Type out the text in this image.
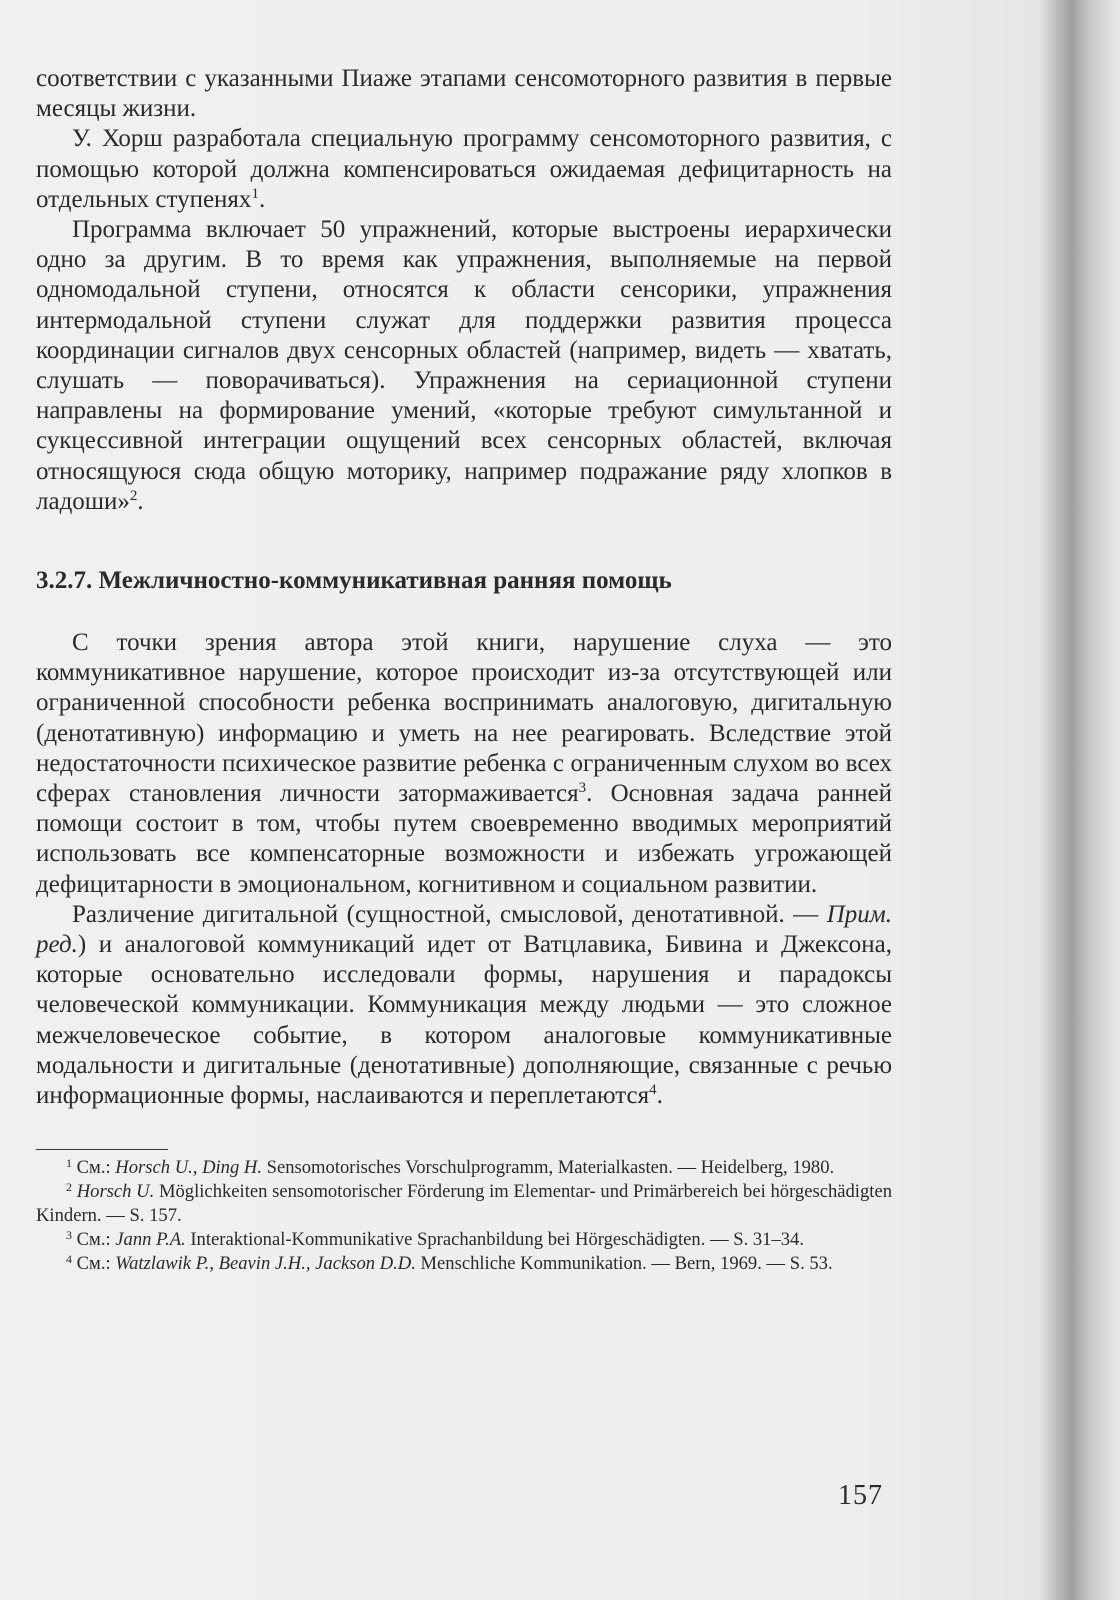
соответствии с указанными Пиаже этапами сенсомоторного развития в первые месяцы жизни.

У. Хорш разработала специальную программу сенсомоторного развития, с помощью которой должна компенсироваться ожидаемая дефицитарность на отдельных ступенях$^1$.

Программа включает 50 упражнений, которые выстроены иерархически одно за другим. В то время как упражнения, выполняемые на первой одномодальной ступени, относятся к области сенсорики, упражнения интермодальной ступени служат для поддержки развития процесса координации сигналов двух сенсорных областей (например, видеть — хватать, слушать — поворачиваться). Упражнения на сериационной ступени направлены на формирование умений, «которые требуют симультанной и сукцессивной интеграции ощущений всех сенсорных областей, включая относящуюся сюда общую моторику, например подражание ряду хлопков в ладоши»$^2$.

3.2.7. Межличностно-коммуникативная ранняя помощь

С точки зрения автора этой книги, нарушение слуха — это коммуникативное нарушение, которое происходит из-за отсутствующей или ограниченной способности ребенка воспринимать аналоговую, дигитальную (денотативную) информацию и уметь на нее реагировать. Вследствие этой недостаточности психическое развитие ребенка с ограниченным слухом во всех сферах становления личности затормаживается$^3$. Основная задача ранней помощи состоит в том, чтобы путем своевременно вводимых мероприятий использовать все компенсаторные возможности и избежать угрожающей дефицитарности в эмоциональном, когнитивном и социальном развитии.

Различение дигитальной (сущностной, смысловой, денотативной. — Прим. ред.) и аналоговой коммуникаций идет от Ватцлавика, Бивина и Джексона, которые основательно исследовали формы, нарушения и парадоксы человеческой коммуникации. Коммуникация между людьми — это сложное межчеловеческое событие, в котором аналоговые коммуникативные модальности и дигитальные (денотативные) дополняющие, связанные с речью информационные формы, наслаиваются и переплетаются$^4$.

$^1$ См.: Horsch U., Ding H. Sensomotorisches Vorschulprogramm, Materialkasten. — Heidelberg, 1980.

$^2$ Horsch U. Möglichkeiten sensomotorischer Förderung im Elementar- und Primärbereich bei hörgeschädigten Kindern. — S. 157.

$^3$ См.: Jann P.A. Interaktional-Kommunikative Sprachanbildung bei Hörgeschädigten. — S. 31–34.

$^4$ См.: Watzlawik P., Beavin J.H., Jackson D.D. Menschliche Kommunikation. — Bern, 1969. — S. 53.

157
